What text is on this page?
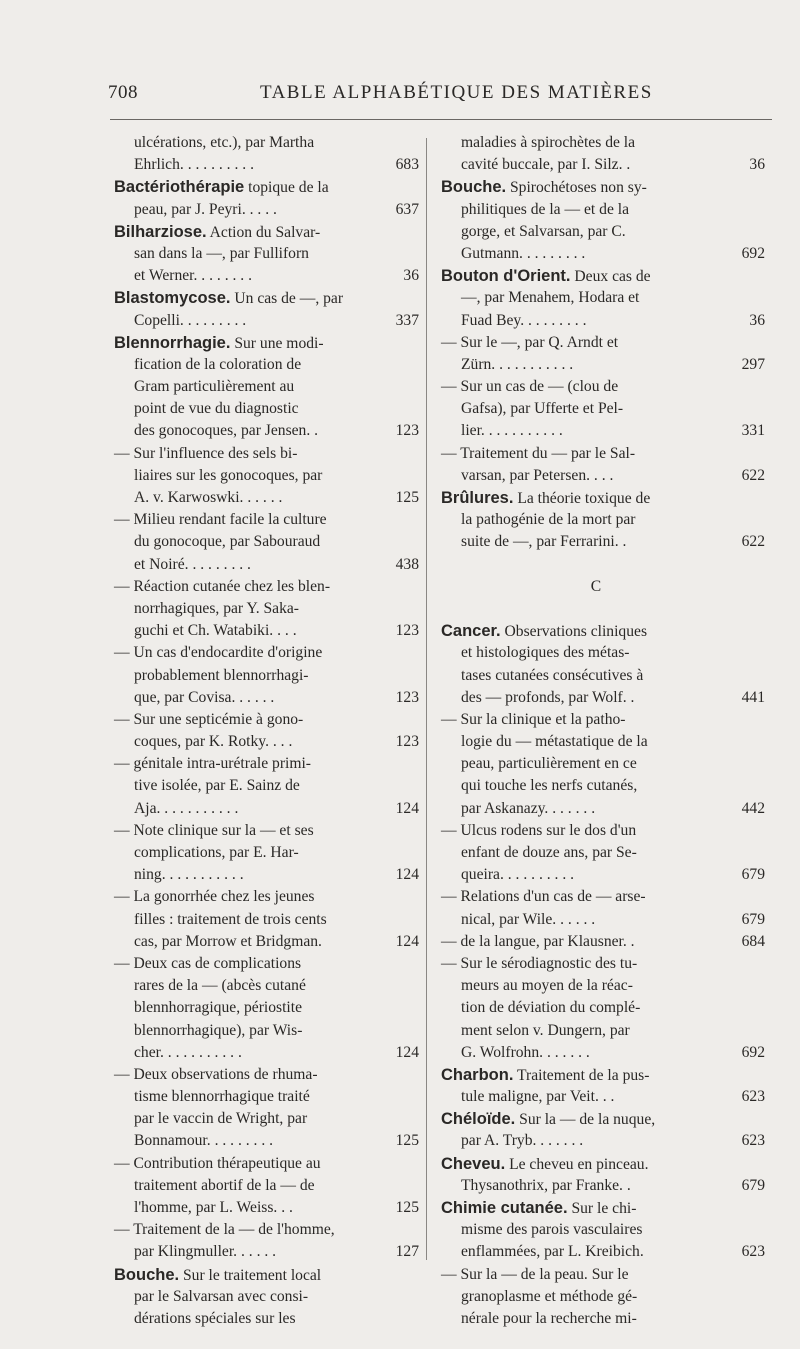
708	TABLE ALPHABÉTIQUE DES MATIÈRES
ulcérations, etc.), par Martha
Ehrlich. . . . . . . . . .	683
Bactériothérapie topique de la
peau, par J. Peyri. . . . .	637
Bilharziose. Action du Salvar-
san dans la —, par Fulliforn
et Werner. . . . . . . .	36
Blastomycose. Un cas de —, par
Copelli. . . . . . . . .	337
Blennorrhagie. Sur une modi-
fication de la coloration de
Gram particulièrement au
point de vue du diagnostic
des gonocoques, par Jensen. .	123
— Sur l'influence des sels bi-
liaires sur les gonocoques, par
A. v. Karwoswki. . . . . .	125
— Milieu rendant facile la culture
du gonocoque, par Sabouraud
et Noiré. . . . . . . . .	438
— Réaction cutanée chez les blen-
norrhagiques, par Y. Saka-
guchi et Ch. Watabiki. . . .	123
— Un cas d'endocardite d'origine
probablement blennorrhagi-
que, par Covisa. . . . . .	123
— Sur une septicémie à gono-
coques, par K. Rotky. . . .	123
— génitale intra-urétrale primi-
tive isolée, par E. Sainz de
Aja. . . . . . . . . . .	124
— Note clinique sur la — et ses
complications, par E. Har-
ning. . . . . . . . . . .	124
— La gonorrhée chez les jeunes
filles : traitement de trois cents
cas, par Morrow et Bridgman.	124
— Deux cas de complications
rares de la — (abcès cutané
blennhorragique, périostite
blennorrhagique), par Wis-
cher. . . . . . . . . . .	124
— Deux observations de rhuma-
tisme blennorrhagique traité
par le vaccin de Wright, par
Bonnamour. . . . . . . . .	125
— Contribution thérapeutique au
traitement abortif de la — de
l'homme, par L. Weiss. . .	125
— Traitement de la — de l'homme,
par Klingmuller. . . . . .	127
Bouche. Sur le traitement local
par le Salvarsan avec consi-
dérations spéciales sur les
maladies à spirochètes de la
cavité buccale, par I. Silz. .	36
Bouche. Spirochétoses non sy-
philitiques de la — et de la
gorge, et Salvarsan, par C.
Gutmann. . . . . . . . .	692
Bouton d'Orient. Deux cas de
—, par Menahem, Hodara et
Fuad Bey. . . . . . . . .	36
— Sur le —, par Q. Arndt et
Zürn. . . . . . . . . . .	297
— Sur un cas de — (clou de
Gafsa), par Ufferte et Pel-
lier. . . . . . . . . . .	331
— Traitement du — par le Sal-
varsan, par Petersen. . . .	622
Brûlures. La théorie toxique de
la pathogénie de la mort par
suite de —, par Ferrarini. .	622
C
Cancer. Observations cliniques
et histologiques des métas-
tases cutanées consécutives à
des — profonds, par Wolf. .	441
— Sur la clinique et la patho-
logie du — métastatique de la
peau, particulièrement en ce
qui touche les nerfs cutanés,
par Askanazy. . . . . . .	442
— Ulcus rodens sur le dos d'un
enfant de douze ans, par Se-
queira. . . . . . . . . .	679
— Relations d'un cas de — arse-
nical, par Wile. . . . . .	679
— de la langue, par Klausner. .	684
— Sur le sérodiagnostic des tu-
meurs au moyen de la réac-
tion de déviation du complé-
ment selon v. Dungern, par
G. Wolfrohn. . . . . . .	692
Charbon. Traitement de la pus-
tule maligne, par Veit. . .	623
Chéloïde. Sur la — de la nuque,
par A. Tryb. . . . . . .	623
Cheveu. Le cheveu en pinceau.
Thysanothrix, par Franke. .	679
Chimie cutanée. Sur le chi-
misme des parois vasculaires
enflammées, par L. Kreibich.	623
— Sur la — de la peau. Sur le
granoplasme et méthode gé-
nérale pour la recherche mi-
